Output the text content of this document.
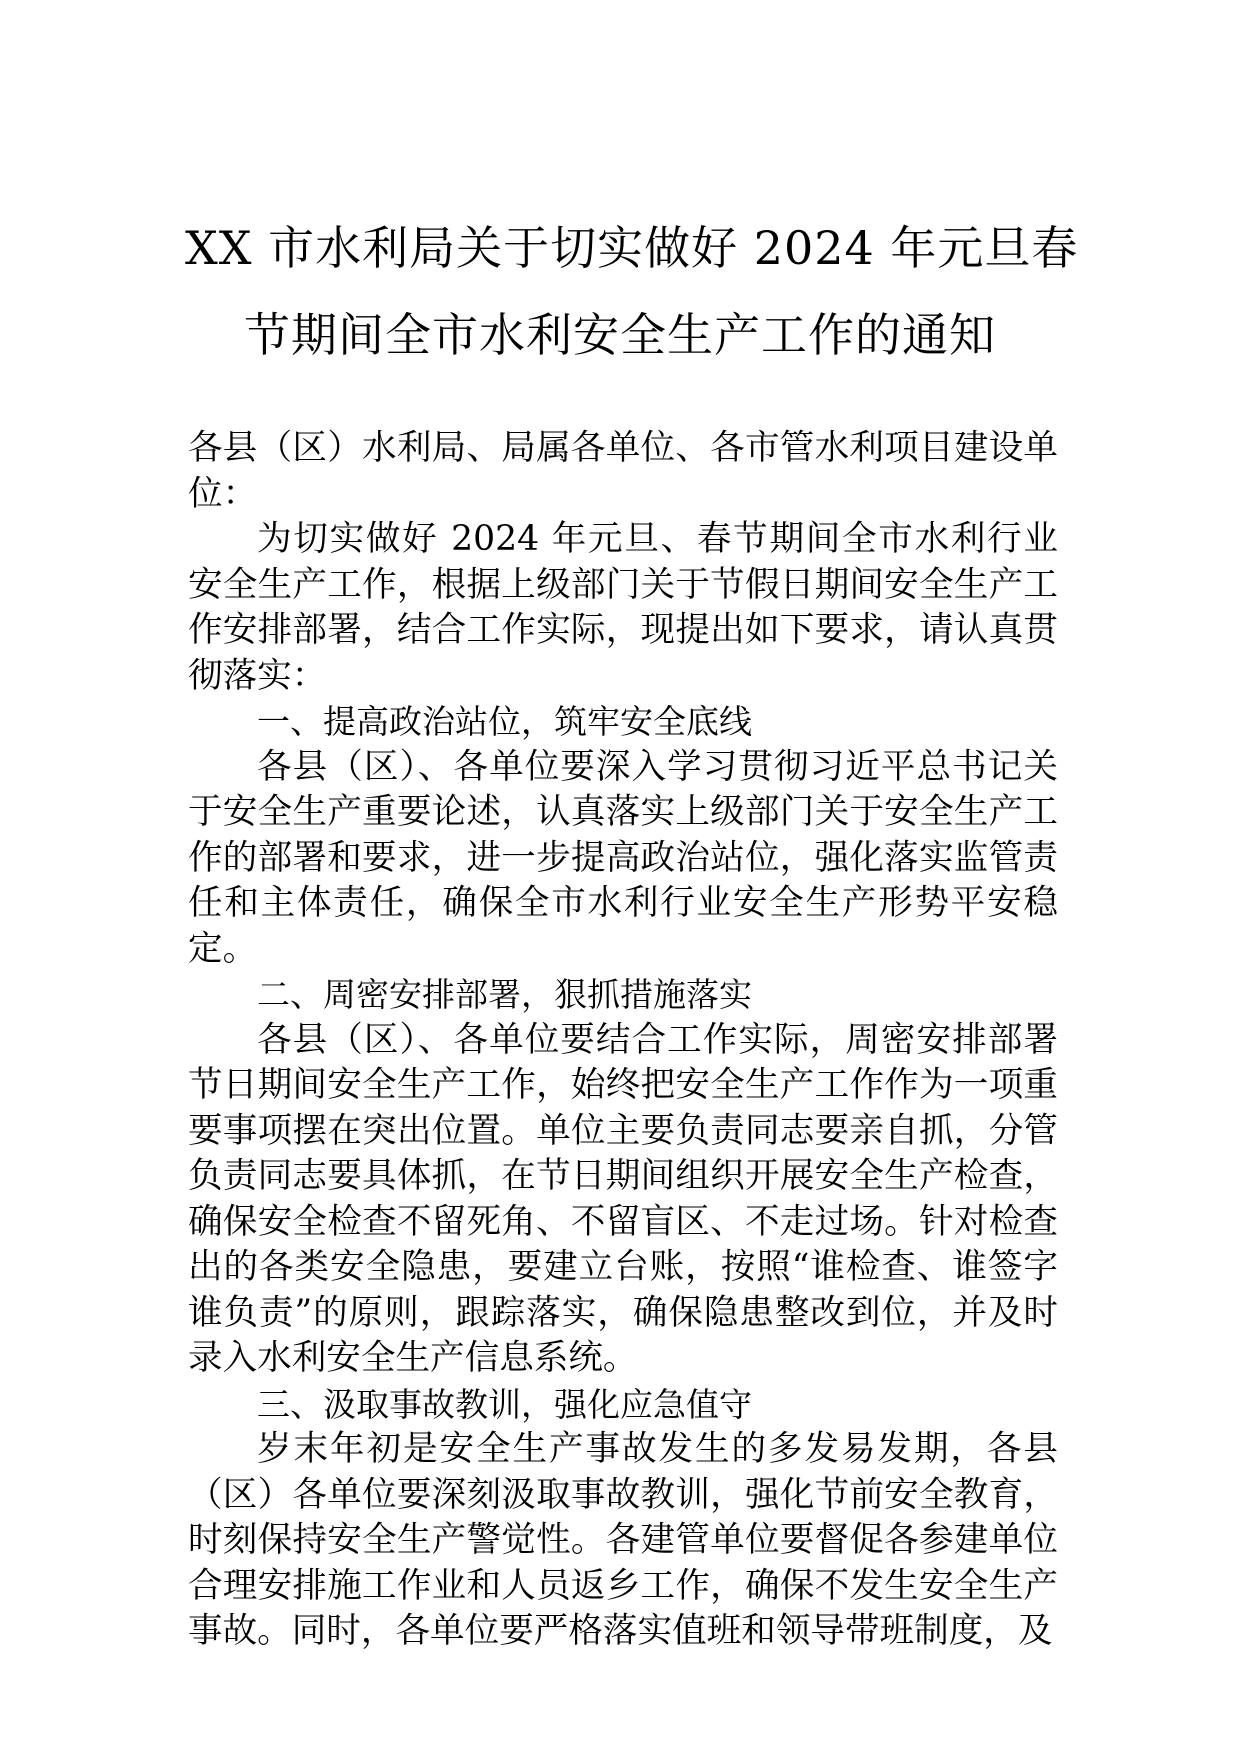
XX 市水利局关于切实做好 2024 年元旦春
节期间全市水利安全生产工作的通知

各县（区）水利局、局属各单位、各市管水利项目建设单位：

为切实做好 2024 年元旦、春节期间全市水利行业安全生产工作，根据上级部门关于节假日期间安全生产工作安排部署，结合工作实际，现提出如下要求，请认真贯彻落实：

一、提高政治站位，筑牢安全底线

各县（区）、各单位要深入学习贯彻习近平总书记关于安全生产重要论述，认真落实上级部门关于安全生产工作的部署和要求，进一步提高政治站位，强化落实监管责任和主体责任，确保全市水利行业安全生产形势平安稳定。

二、周密安排部署，狠抓措施落实

各县（区）、各单位要结合工作实际，周密安排部署节日期间安全生产工作，始终把安全生产工作作为一项重要事项摆在突出位置。单位主要负责同志要亲自抓，分管负责同志要具体抓，在节日期间组织开展安全生产检查，确保安全检查不留死角、不留盲区、不走过场。针对检查出的各类安全隐患，要建立台账，按照“谁检查、谁签字谁负责”的原则，跟踪落实，确保隐患整改到位，并及时录入水利安全生产信息系统。

三、汲取事故教训，强化应急值守

岁末年初是安全生产事故发生的多发易发期，各县（区）各单位要深刻汲取事故教训，强化节前安全教育，时刻保持安全生产警觉性。各建管单位要督促各参建单位合理安排施工作业和人员返乡工作，确保不发生安全生产事故。同时，各单位要严格落实值班和领导带班制度，及
